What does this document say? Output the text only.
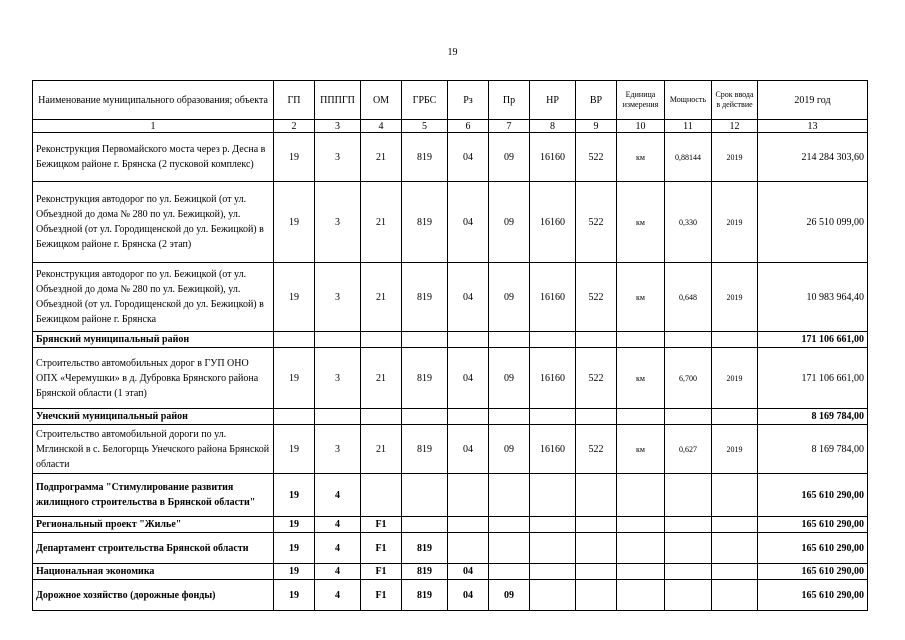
19
Наименование муниципального образования; объекта	ГП	ПППГП	ОМ	ГРБС	Рз	Пр	НР	ВР	Единица измерения	Мощность	Срок ввода в действие	2019 год
1	2	3	4	5	6	7	8	9	10	11	12	13
Реконструкция Первомайского моста через р. Десна в Бежицком районе г. Брянска (2 пусковой комплекс)	19	3	21	819	04	09	16160	522	км	0,88144	2019	214 284 303,60
Реконструкция автодорог по ул. Бежицкой (от ул. Объездной до дома № 280 по ул. Бежицкой), ул. Объездной (от ул. Городищенской до ул. Бежицкой) в Бежицком районе г. Брянска (2 этап)	19	3	21	819	04	09	16160	522	км	0,330	2019	26 510 099,00
Реконструкция автодорог по ул. Бежицкой (от ул. Объездной до дома № 280 по ул. Бежицкой), ул. Объездной (от ул. Городищенской до ул. Бежицкой) в Бежицком районе г. Брянска	19	3	21	819	04	09	16160	522	км	0,648	2019	10 983 964,40
Брянский муниципальный район												171 106 661,00
Строительство автомобильных дорог в ГУП ОНО ОПХ «Черемушки» в д. Дубровка Брянского района Брянской области (1 этап)	19	3	21	819	04	09	16160	522	км	6,700	2019	171 106 661,00
Унечский муниципальный район												8 169 784,00
Строительство автомобильной дороги по ул. Мглинской в с. Белогорщь Унечского района Брянской области	19	3	21	819	04	09	16160	522	км	0,627	2019	8 169 784,00
Подпрограмма "Стимулирование развития жилищного строительства в Брянской области"	19	4										165 610 290,00
Региональный проект "Жилье"	19	4	F1									165 610 290,00
Департамент строительства Брянской области	19	4	F1	819								165 610 290,00
Национальная экономика	19	4	F1	819	04							165 610 290,00
Дорожное хозяйство (дорожные фонды)	19	4	F1	819	04	09						165 610 290,00
